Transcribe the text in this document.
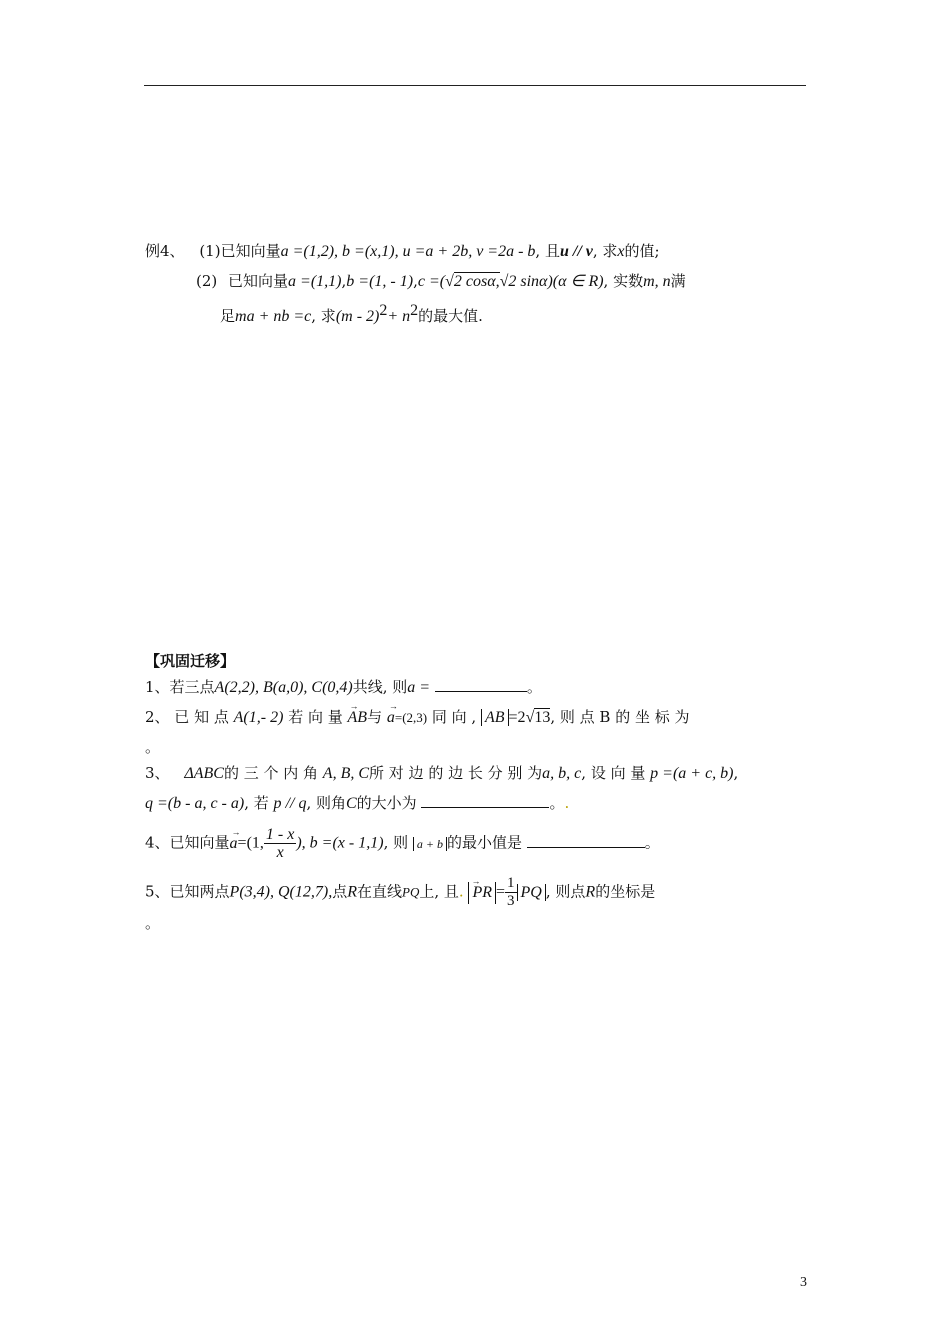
例4、 (1)已知向量a =(1,2), b =(x,1), u =a + 2b, v =2a - b, 且u // v, 求x的值;
(2) 已知向量a =(1,1),b =(1, - 1),c =(√2 cosα,√2 sinα)(α ∈ R), 实数m, n满
足ma + nb =c, 求$(m - 2)^2+ n^2$的最大值.
【巩固迁移】
1、若三点A(2,2), B(a,0), C(0,4)共线, 则a =	。
2、 已 知 点 A(1,- 2) 若 向 量 → AB与 → a=(2,3) 同 向 , AB =2√13, 则 点 B 的 坐 标 为
。
3、 ΔABC的 三 个 内 角 A, B, C所 对 边 的 边 长 分 别 为a, b, c, 设 向 量 p =(a + c, b),
q =(b - a, c - a), 若 p // q, 则角C的大小为	。.
4、已知向量→ a=(1, $\frac{1 - x}{x}$ ), b =(x - 1,1), 则 a + b 的最小值是	。
5、已知两点P(3,4), Q(12,7),点R在直线PQ上, 且. → PR = $\frac{1}{3}$ PQ , 则点R的坐标是
。
3
